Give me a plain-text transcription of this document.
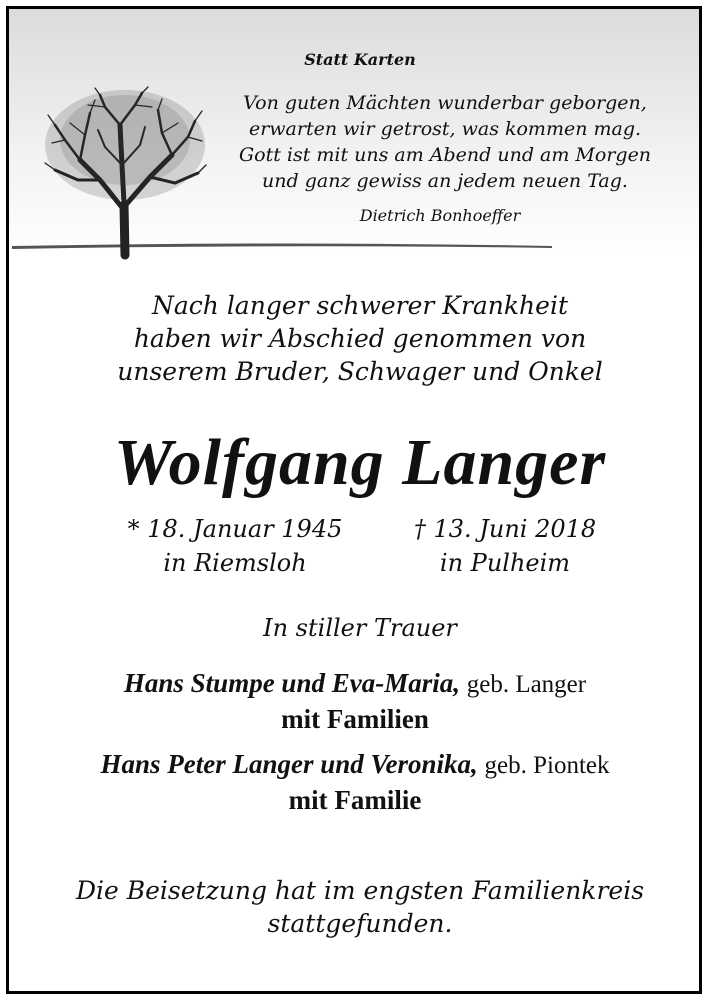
Statt Karten
Von guten Mächten wunderbar geborgen,
erwarten wir getrost, was kommen mag.
Gott ist mit uns am Abend und am Morgen
und ganz gewiss an jedem neuen Tag.
Dietrich Bonhoeffer
Nach langer schwerer Krankheit
haben wir Abschied genommen von
unserem Bruder, Schwager und Onkel
Wolfgang Langer
* 18. Januar 1945
in Riemsloh
† 13. Juni 2018
in Pulheim
In stiller Trauer
Hans Stumpe und Eva-Maria, geb. Langer
mit Familien
Hans Peter Langer und Veronika, geb. Piontek
mit Familie
Die Beisetzung hat im engsten Familienkreis
stattgefunden.
